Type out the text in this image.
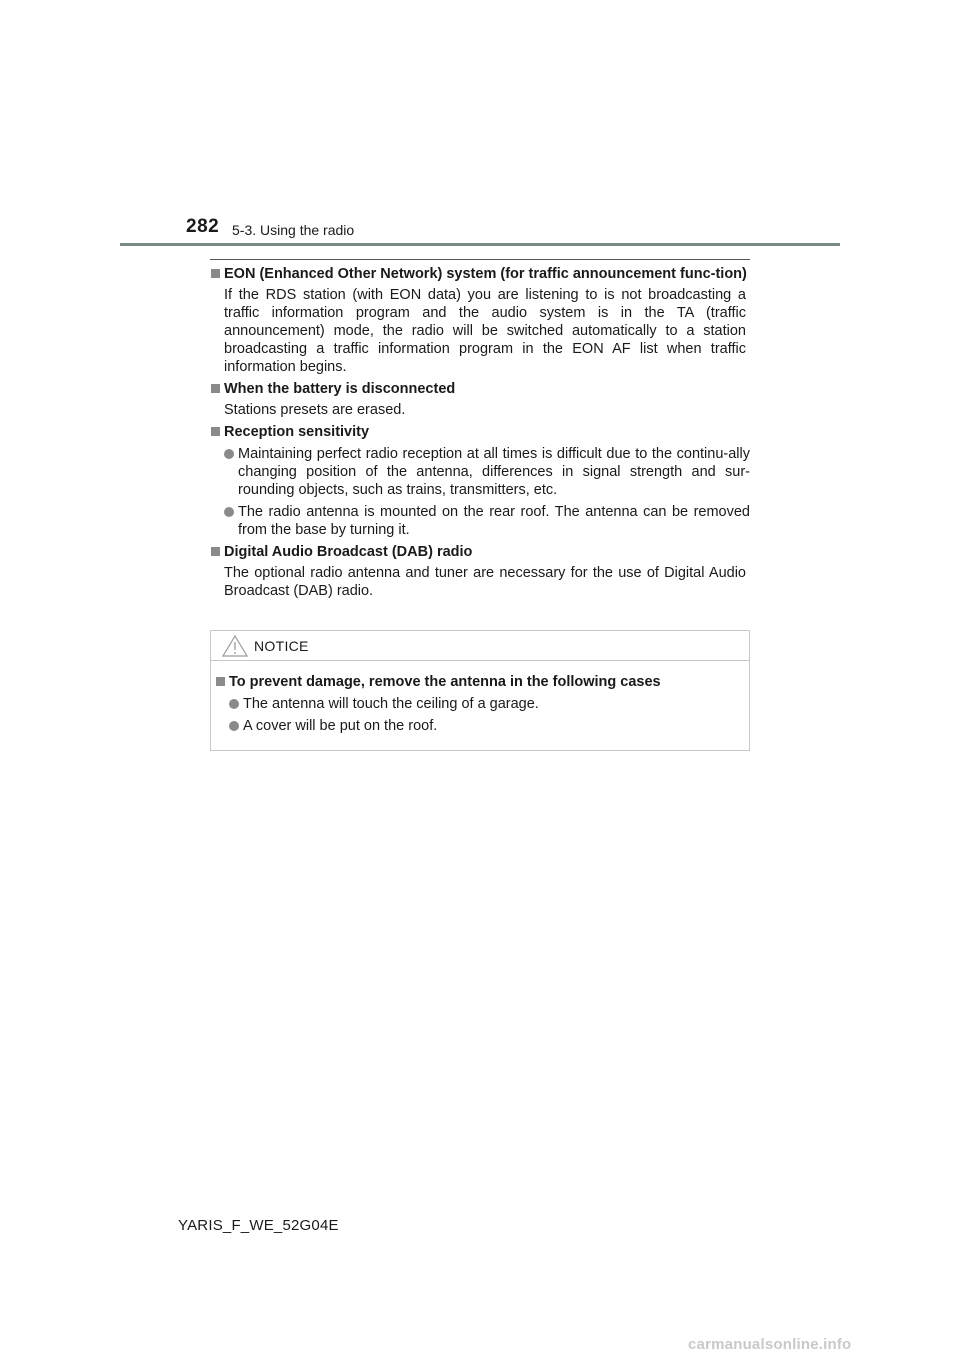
282 5-3. Using the radio
EON (Enhanced Other Network) system (for traffic announcement func-tion)
If the RDS station (with EON data) you are listening to is not broadcasting a traffic information program and the audio system is in the TA (traffic announcement) mode, the radio will be switched automatically to a station broadcasting a traffic information program in the EON AF list when traffic information begins.
When the battery is disconnected
Stations presets are erased.
Reception sensitivity
Maintaining perfect radio reception at all times is difficult due to the continu-ally changing position of the antenna, differences in signal strength and sur-rounding objects, such as trains, transmitters, etc.
The radio antenna is mounted on the rear roof. The antenna can be removed from the base by turning it.
Digital Audio Broadcast (DAB) radio
The optional radio antenna and tuner are necessary for the use of Digital Audio Broadcast (DAB) radio.
NOTICE
To prevent damage, remove the antenna in the following cases
The antenna will touch the ceiling of a garage.
A cover will be put on the roof.
YARIS_F_WE_52G04E
carmanualsonline.info
